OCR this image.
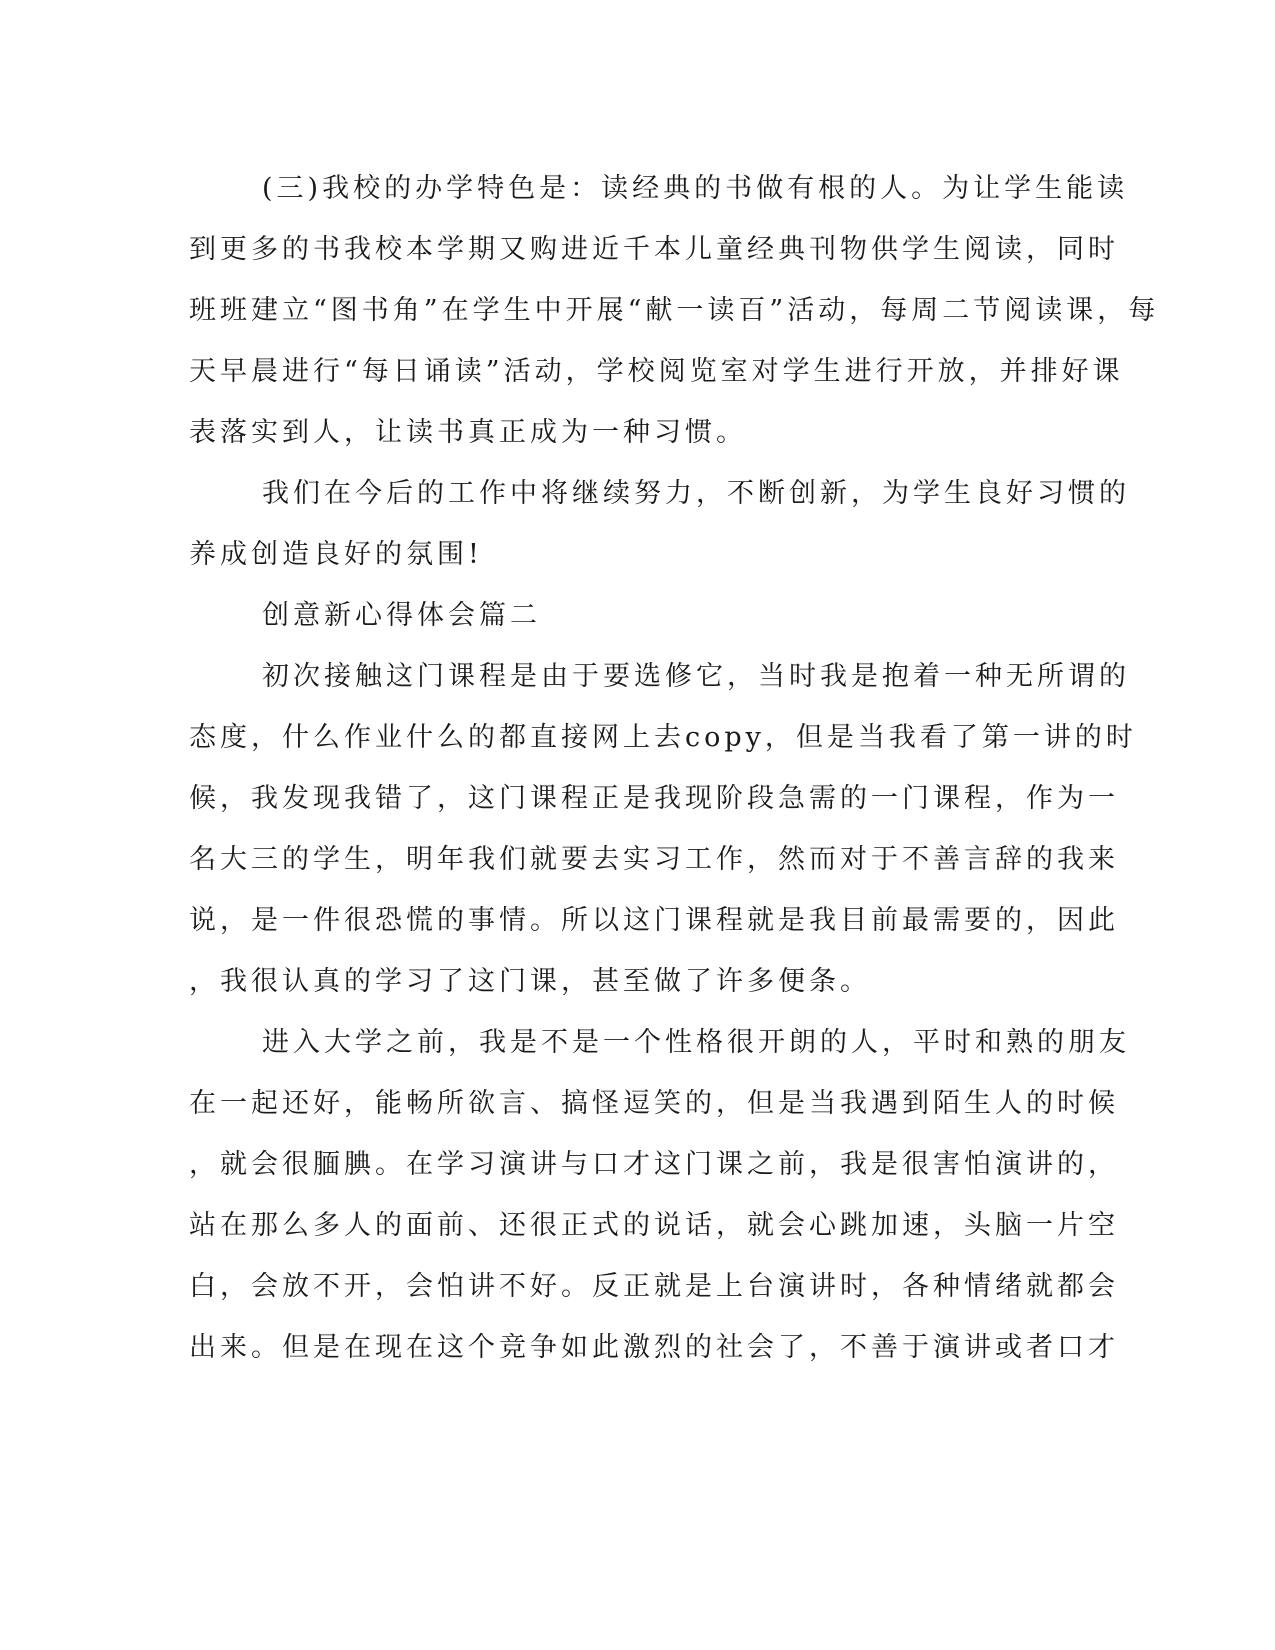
(三)我校的办学特色是：读经典的书做有根的人。为让学生能读
到更多的书我校本学期又购进近千本儿童经典刊物供学生阅读，同时
班班建立“图书角”在学生中开展“献一读百”活动，每周二节阅读课，每
天早晨进行“每日诵读”活动，学校阅览室对学生进行开放，并排好课
表落实到人，让读书真正成为一种习惯。
我们在今后的工作中将继续努力，不断创新，为学生良好习惯的
养成创造良好的氛围!
创意新心得体会篇二
初次接触这门课程是由于要选修它，当时我是抱着一种无所谓的
态度，什么作业什么的都直接网上去copy，但是当我看了第一讲的时
候，我发现我错了，这门课程正是我现阶段急需的一门课程，作为一
名大三的学生，明年我们就要去实习工作，然而对于不善言辞的我来
说，是一件很恐慌的事情。所以这门课程就是我目前最需要的，因此
，我很认真的学习了这门课，甚至做了许多便条。
进入大学之前，我是不是一个性格很开朗的人，平时和熟的朋友
在一起还好，能畅所欲言、搞怪逗笑的，但是当我遇到陌生人的时候
，就会很腼腆。在学习演讲与口才这门课之前，我是很害怕演讲的，
站在那么多人的面前、还很正式的说话，就会心跳加速，头脑一片空
白，会放不开，会怕讲不好。反正就是上台演讲时，各种情绪就都会
出来。但是在现在这个竞争如此激烈的社会了，不善于演讲或者口才
